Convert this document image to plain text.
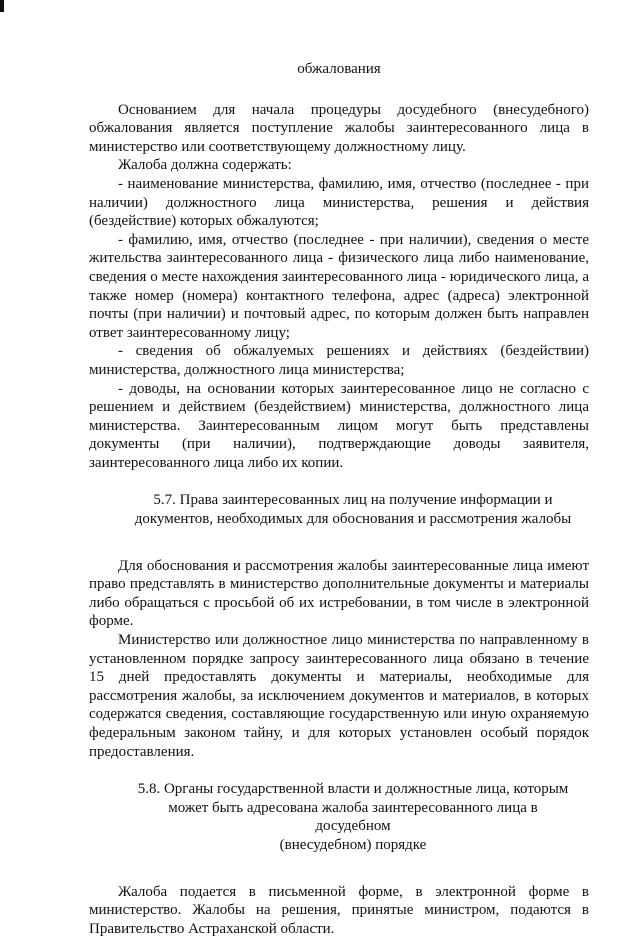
обжалования

Основанием для начала процедуры досудебного (внесудебного) обжалования является поступление жалобы заинтересованного лица в министерство или соответствующему должностному лицу.

Жалоба должна содержать:

- наименование министерства, фамилию, имя, отчество (последнее - при наличии) должностного лица министерства, решения и действия (бездействие) которых обжалуются;

- фамилию, имя, отчество (последнее - при наличии), сведения о месте жительства заинтересованного лица - физического лица либо наименование, сведения о месте нахождения заинтересованного лица - юридического лица, а также номер (номера) контактного телефона, адрес (адреса) электронной почты (при наличии) и почтовый адрес, по которым должен быть направлен ответ заинтересованному лицу;

- сведения об обжалуемых решениях и действиях (бездействии) министерства, должностного лица министерства;

- доводы, на основании которых заинтересованное лицо не согласно с решением и действием (бездействием) министерства, должностного лица министерства. Заинтересованным лицом могут быть представлены документы (при наличии), подтверждающие доводы заявителя, заинтересованного лица либо их копии.

5.7. Права заинтересованных лиц на получение информации и

документов, необходимых для обоснования и рассмотрения жалобы

Для обоснования и рассмотрения жалобы заинтересованные лица имеют право представлять в министерство дополнительные документы и материалы либо обращаться с просьбой об их истребовании, в том числе в электронной форме.

Министерство или должностное лицо министерства по направленному в установленном порядке запросу заинтересованного лица обязано в течение 15 дней предоставлять документы и материалы, необходимые для рассмотрения жалобы, за исключением документов и материалов, в которых содержатся сведения, составляющие государственную или иную охраняемую федеральным законом тайну, и для которых установлен особый порядок предоставления.

5.8. Органы государственной власти и должностные лица, которым

может быть адресована жалоба заинтересованного лица в досудебном

(внесудебном) порядке

Жалоба подается в письменной форме, в электронной форме в министерство. Жалобы на решения, принятые министром, подаются в Правительство Астраханской области.
